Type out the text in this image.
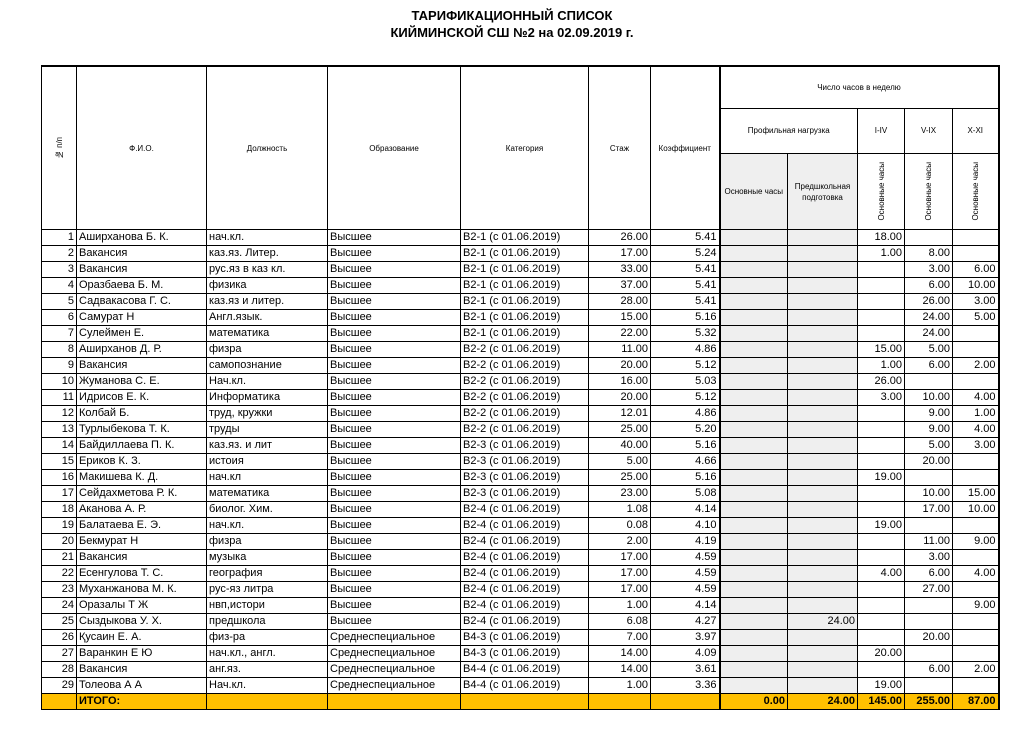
ТАРИФИКАЦИОННЫЙ СПИСОК
КИЙМИНСКОЙ СШ №2 на 02.09.2019 г.
№ п/п	Ф.И.О.	Должность	Образование	Категория	Стаж	Коэффициент	Число часов в неделю				
							Профильная нагрузка		I-IV	V-IX	X-XI
							Основные часы	Предшкольная подготовка	Основные часы	Основные часы	Основные часы

1	Аширханова Б. К.	нач.кл.	Высшее	В2-1 (с 01.06.2019)	26.00	5.41			18.00		
2	Вакансия	каз.яз. Литер.	Высшее	В2-1 (с 01.06.2019)	17.00	5.24			1.00	8.00	
3	Вакансия	рус.яз в каз кл.	Высшее	В2-1 (с 01.06.2019)	33.00	5.41				3.00	6.00
4	Оразбаева Б. М.	физика	Высшее	В2-1 (с 01.06.2019)	37.00	5.41				6.00	10.00
5	Садвакасова Г. С.	каз.яз и литер.	Высшее	В2-1 (с 01.06.2019)	28.00	5.41				26.00	3.00
6	Самурат Н	Англ.язык.	Высшее	В2-1 (с 01.06.2019)	15.00	5.16				24.00	5.00
7	Сулеймен Е.	математика	Высшее	В2-1 (с 01.06.2019)	22.00	5.32				24.00	
8	Аширханов Д. Р.	физра	Высшее	В2-2 (с 01.06.2019)	11.00	4.86			15.00	5.00	
9	Вакансия	самопознание	Высшее	В2-2 (с 01.06.2019)	20.00	5.12			1.00	6.00	2.00
10	Жуманова С. Е.	Нач.кл.	Высшее	В2-2 (с 01.06.2019)	16.00	5.03			26.00		
11	Идрисов Е. К.	Информатика	Высшее	В2-2 (с 01.06.2019)	20.00	5.12			3.00	10.00	4.00
12	Колбай Б.	труд, кружки	Высшее	В2-2 (с 01.06.2019)	12.01	4.86				9.00	1.00
13	Турлыбекова Т. К.	труды	Высшее	В2-2 (с 01.06.2019)	25.00	5.20				9.00	4.00
14	Байдиллаева П. К.	каз.яз. и лит	Высшее	В2-3 (с 01.06.2019)	40.00	5.16				5.00	3.00
15	Ериков К. З.	истоия	Высшее	В2-3 (с 01.06.2019)	5.00	4.66				20.00	
16	Макишева К. Д.	нач.кл	Высшее	В2-3 (с 01.06.2019)	25.00	5.16			19.00		
17	Сейдахметова Р. К.	математика	Высшее	В2-3 (с 01.06.2019)	23.00	5.08				10.00	15.00
18	Аканова А. Р.	биолог. Хим.	Высшее	В2-4 (с 01.06.2019)	1.08	4.14				17.00	10.00
19	Балатаева Е. Э.	нач.кл.	Высшее	В2-4 (с 01.06.2019)	0.08	4.10			19.00		
20	Бекмурат Н	физра	Высшее	В2-4 (с 01.06.2019)	2.00	4.19				11.00	9.00
21	Вакансия	музыка	Высшее	В2-4 (с 01.06.2019)	17.00	4.59				3.00	
22	Есенгулова Т. С.	география	Высшее	В2-4 (с 01.06.2019)	17.00	4.59			4.00	6.00	4.00
23	Муханжанова М. К.	рус-яз литра	Высшее	В2-4 (с 01.06.2019)	17.00	4.59				27.00	
24	Оразалы Т Ж	нвп,истори	Высшее	В2-4 (с 01.06.2019)	1.00	4.14					9.00
25	Сыздыкова У. Х.	предшкола	Высшее	В2-4 (с 01.06.2019)	6.08	4.27		24.00			
26	Қусаин Е. А.	физ-ра	Среднеспециальное	В4-3 (с 01.06.2019)	7.00	3.97				20.00	
27	Варанкин Е Ю	нач.кл., англ.	Среднеспециальное	В4-3 (с 01.06.2019)	14.00	4.09			20.00		
28	Вакансия	анг.яз.	Среднеспециальное	В4-4 (с 01.06.2019)	14.00	3.61				6.00	2.00
29	Толеова А А	Нач.кл.	Среднеспециальное	В4-4 (с 01.06.2019)	1.00	3.36			19.00		
	ИТОГО:						0.00	24.00	145.00	255.00	87.00
